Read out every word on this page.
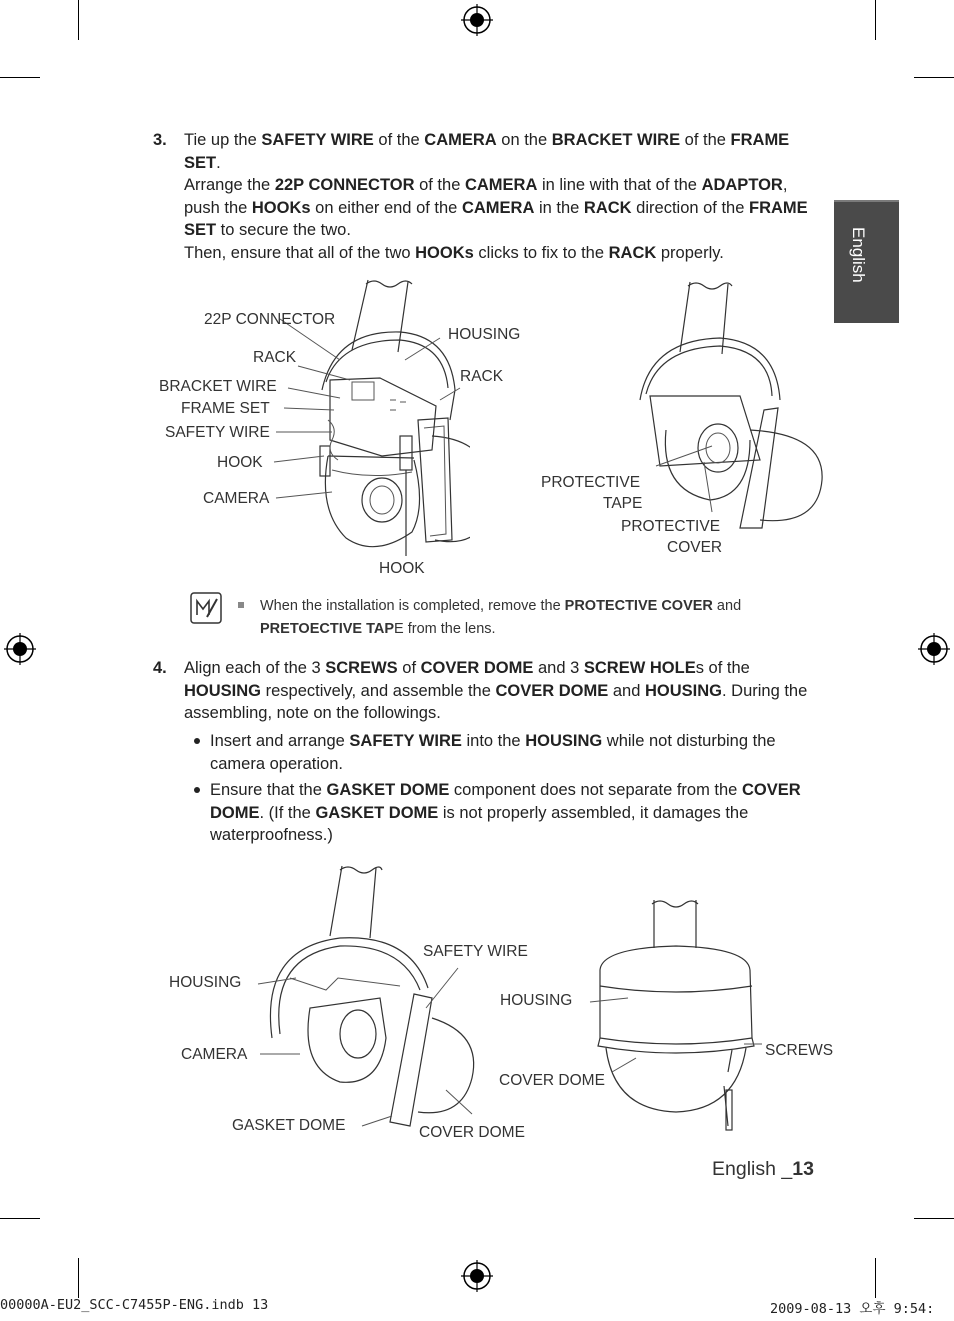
English
3. Tie up the SAFETY WIRE of the CAMERA on the BRACKET WIRE of the FRAME SET.
Arrange the 22P CONNECTOR of the CAMERA in line with that of the ADAPTOR, push the HOOKs on either end of the CAMERA in the RACK direction of the FRAME SET to secure the two.
Then, ensure that all of the two HOOKs clicks to fix to the RACK properly.
22P CONNECTOR
HOUSING
RACK
RACK
BRACKET WIRE
FRAME SET
SAFETY WIRE
HOOK
CAMERA
HOOK
PROTECTIVE
TAPE
PROTECTIVE
COVER
When the installation is completed, remove the PROTECTIVE COVER and PRETOECTIVE TAPE from the lens.
4. Align each of the 3 SCREWS of COVER DOME and 3 SCREW HOLEs of the HOUSING respectively, and assemble the COVER DOME and HOUSING. During the assembling, note on the followings.
Insert and arrange SAFETY WIRE into the HOUSING while not disturbing the camera operation.
Ensure that the GASKET DOME component does not separate from the COVER DOME. (If the GASKET DOME is not properly assembled, it damages the waterproofness.)
SAFETY WIRE
HOUSING
HOUSING
CAMERA	SCREWS
COVER DOME
GASKET DOME	COVER DOME
English _13
00000A-EU2_SCC-C7455P-ENG.indb 13	2009-08-13 오후 9:54:
